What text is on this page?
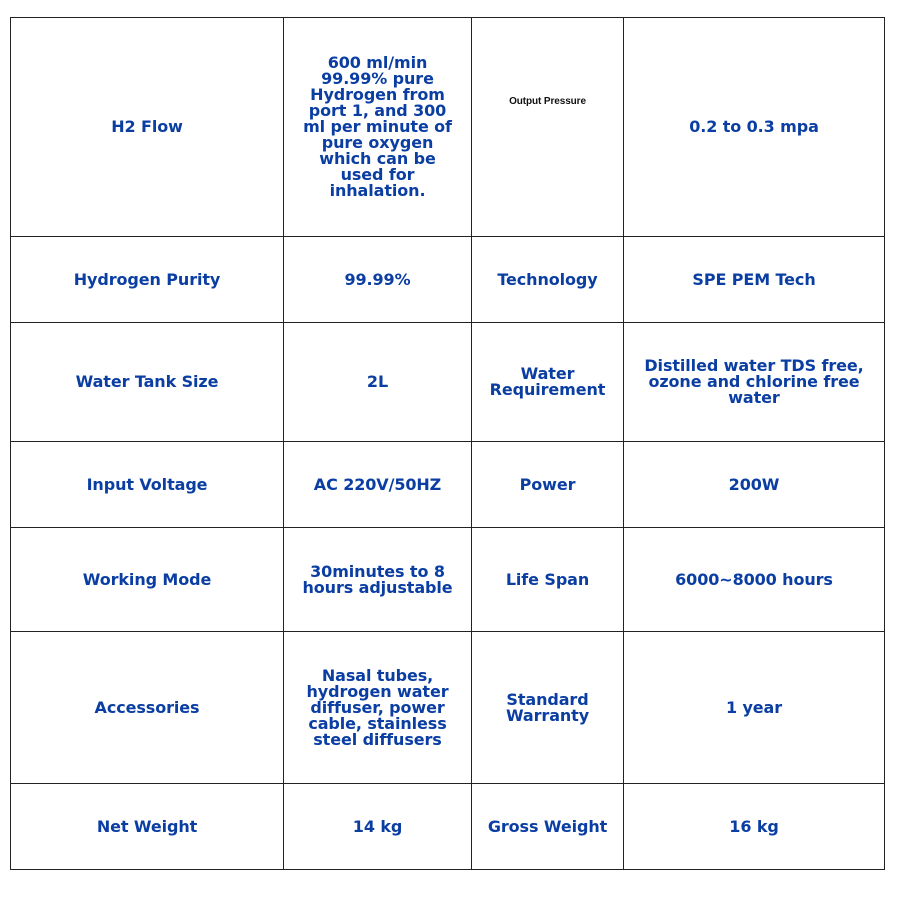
H2 Flow	600 ml/min 99.99% pure Hydrogen from port 1, and 300 ml per minute of pure oxygen which can be used for inhalation.	Output Pressure	0.2 to 0.3 mpa
Hydrogen Purity	99.99%	Technology	SPE PEM Tech
Water Tank Size	2L	Water Requirement	Distilled water TDS free, ozone and chlorine free water
Input Voltage	AC 220V/50HZ	Power	200W
Working Mode	30minutes to 8 hours adjustable	Life Span	6000~8000 hours
Accessories	Nasal tubes, hydrogen water diffuser, power cable, stainless steel diffusers	Standard Warranty	1 year
Net Weight	14 kg	Gross Weight	16 kg
